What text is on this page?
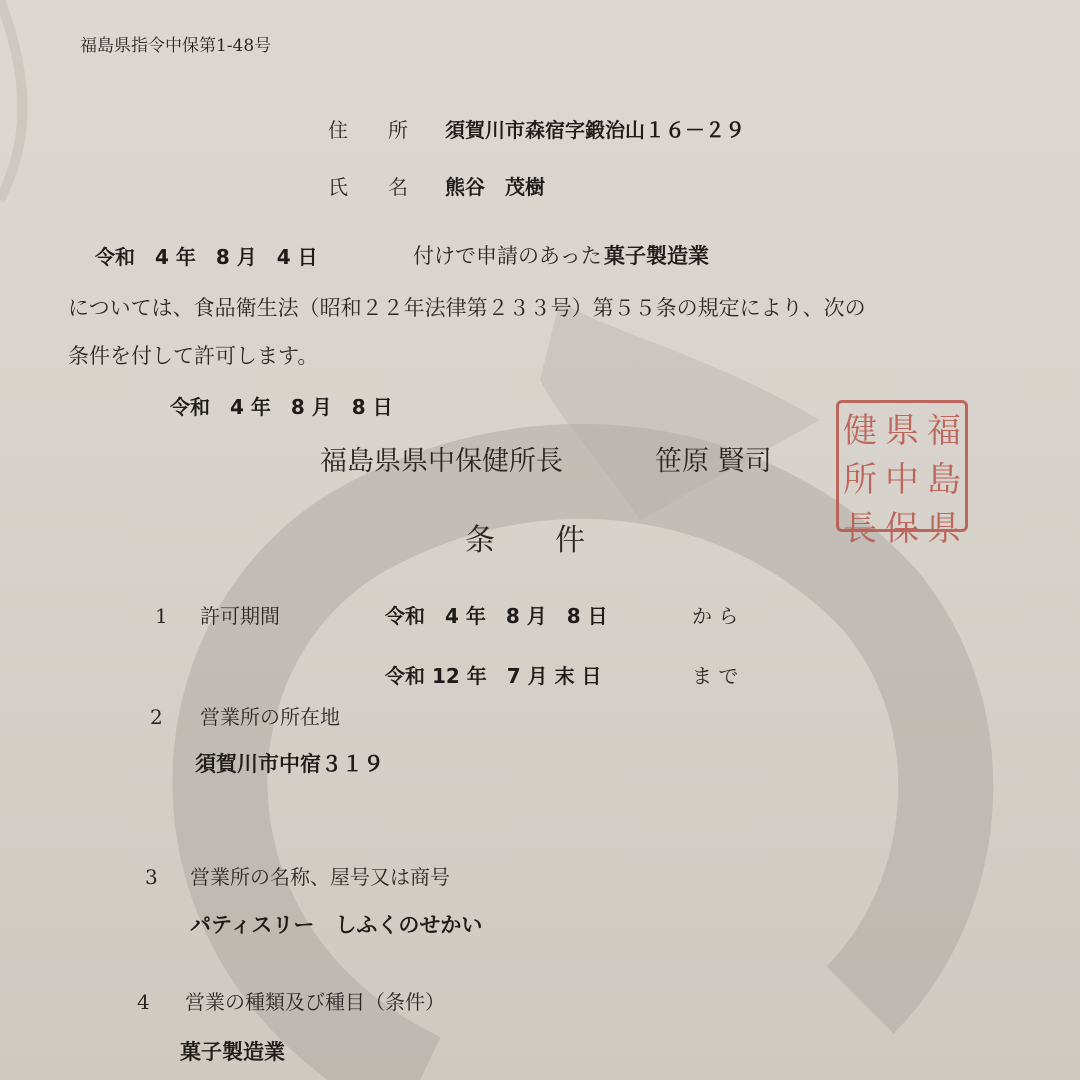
福島県指令中保第1-48号
住　　所 須賀川市森宿字鍛治山１６－２９
氏　　名 熊谷　茂樹
令和　4 年　8 月　4 日	付けで申請のあった 菓子製造業
については、食品衛生法（昭和２２年法律第２３３号）第５５条の規定により、次の
条件を付して許可します。
令和　4 年　8 月　8 日
福島県県中保健所長	笹原 賢司
健 県 福
所 中 島
長 保 県
条件
1 許可期間	令和　4 年　8 月　8 日	か ら
令和 12 年　7 月 末 日	ま で
2 営業所の所在地
須賀川市中宿３１９
3 営業所の名称、屋号又は商号
パティスリー　しふくのせかい
4 営業の種類及び種目（条件）
菓子製造業
